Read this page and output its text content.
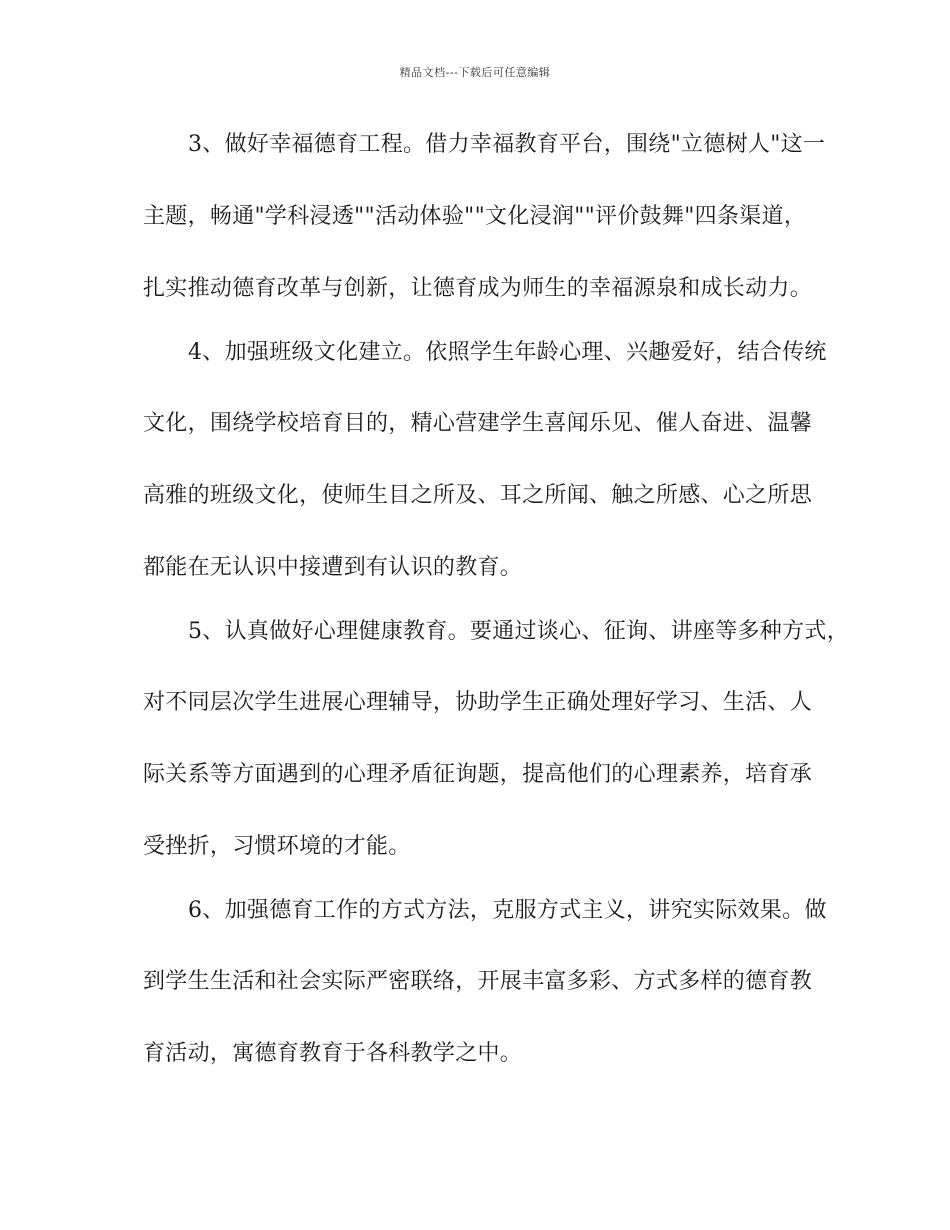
精品文档---下载后可任意编辑
3、做好幸福德育工程。借力幸福教育平台，围绕"立德树人"这一
主题，畅通"学科浸透""活动体验""文化浸润""评价鼓舞"四条渠道，
扎实推动德育改革与创新，让德育成为师生的幸福源泉和成长动力。
4、加强班级文化建立。依照学生年龄心理、兴趣爱好，结合传统
文化，围绕学校培育目的，精心营建学生喜闻乐见、催人奋进、温馨
高雅的班级文化，使师生目之所及、耳之所闻、触之所感、心之所思
都能在无认识中接遭到有认识的教育。
5、认真做好心理健康教育。要通过谈心、征询、讲座等多种方式，
对不同层次学生进展心理辅导，协助学生正确处理好学习、生活、人
际关系等方面遇到的心理矛盾征询题，提高他们的心理素养，培育承
受挫折，习惯环境的才能。
6、加强德育工作的方式方法，克服方式主义，讲究实际效果。做
到学生生活和社会实际严密联络，开展丰富多彩、方式多样的德育教
育活动，寓德育教育于各科教学之中。
